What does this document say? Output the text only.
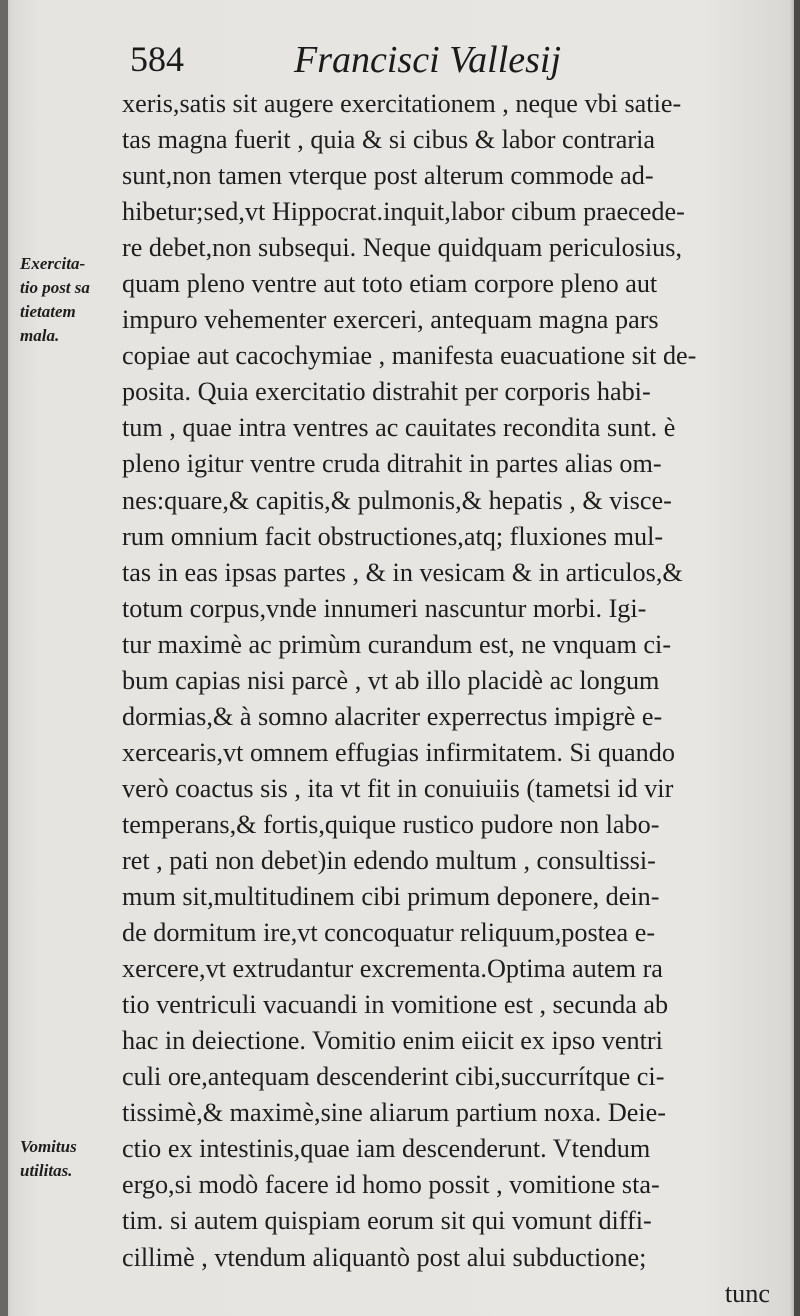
584	Francisci Vallesij
Exercita-
tio post sa
tietatem
mala.
Vomitus
utilitas.
xeris,satis sit augere exercitationem , neque vbi satie-
tas magna fuerit , quia & si cibus & labor contraria
sunt,non tamen vterque post alterum commode ad-
hibetur;sed,vt Hippocrat.inquit,labor cibum praecede-
re debet,non subsequi. Neque quidquam periculosius,
quam pleno ventre aut toto etiam corpore pleno aut
impuro vehementer exerceri, antequam magna pars
copiae aut cacochymiae , manifesta euacuatione sit de-
posita. Quia exercitatio distrahit per corporis habi-
tum , quae intra ventres ac cauitates recondita sunt. è
pleno igitur ventre cruda ditrahit in partes alias om-
nes:quare,& capitis,& pulmonis,& hepatis , & visce-
rum omnium facit obstructiones,atq; fluxiones mul-
tas in eas ipsas partes , & in vesicam & in articulos,&
totum corpus,vnde innumeri nascuntur morbi. Igi-
tur maximè ac primùm curandum est, ne vnquam ci-
bum capias nisi parcè , vt ab illo placidè ac longum
dormias,& à somno alacriter experrectus impigrè e-
xercearis,vt omnem effugias infirmitatem. Si quando
verò coactus sis , ita vt fit in conuiuiis (tametsi id vir
temperans,& fortis,quique rustico pudore non labo-
ret , pati non debet)in edendo multum , consultissi-
mum sit,multitudinem cibi primum deponere, dein-
de dormitum ire,vt concoquatur reliquum,postea e-
xercere,vt extrudantur excrementa.Optima autem ra
tio ventriculi vacuandi in vomitione est , secunda ab
hac in deiectione. Vomitio enim eiicit ex ipso ventri
culi ore,antequam descenderint cibi,succurrítque ci-
tissimè,& maximè,sine aliarum partium noxa. Deie-
ctio ex intestinis,quae iam descenderunt. Vtendum
ergo,si modò facere id homo possit , vomitione sta-
tim. si autem quispiam eorum sit qui vomunt diffi-
cillimè , vtendum aliquantò post alui subductione;
tunc
